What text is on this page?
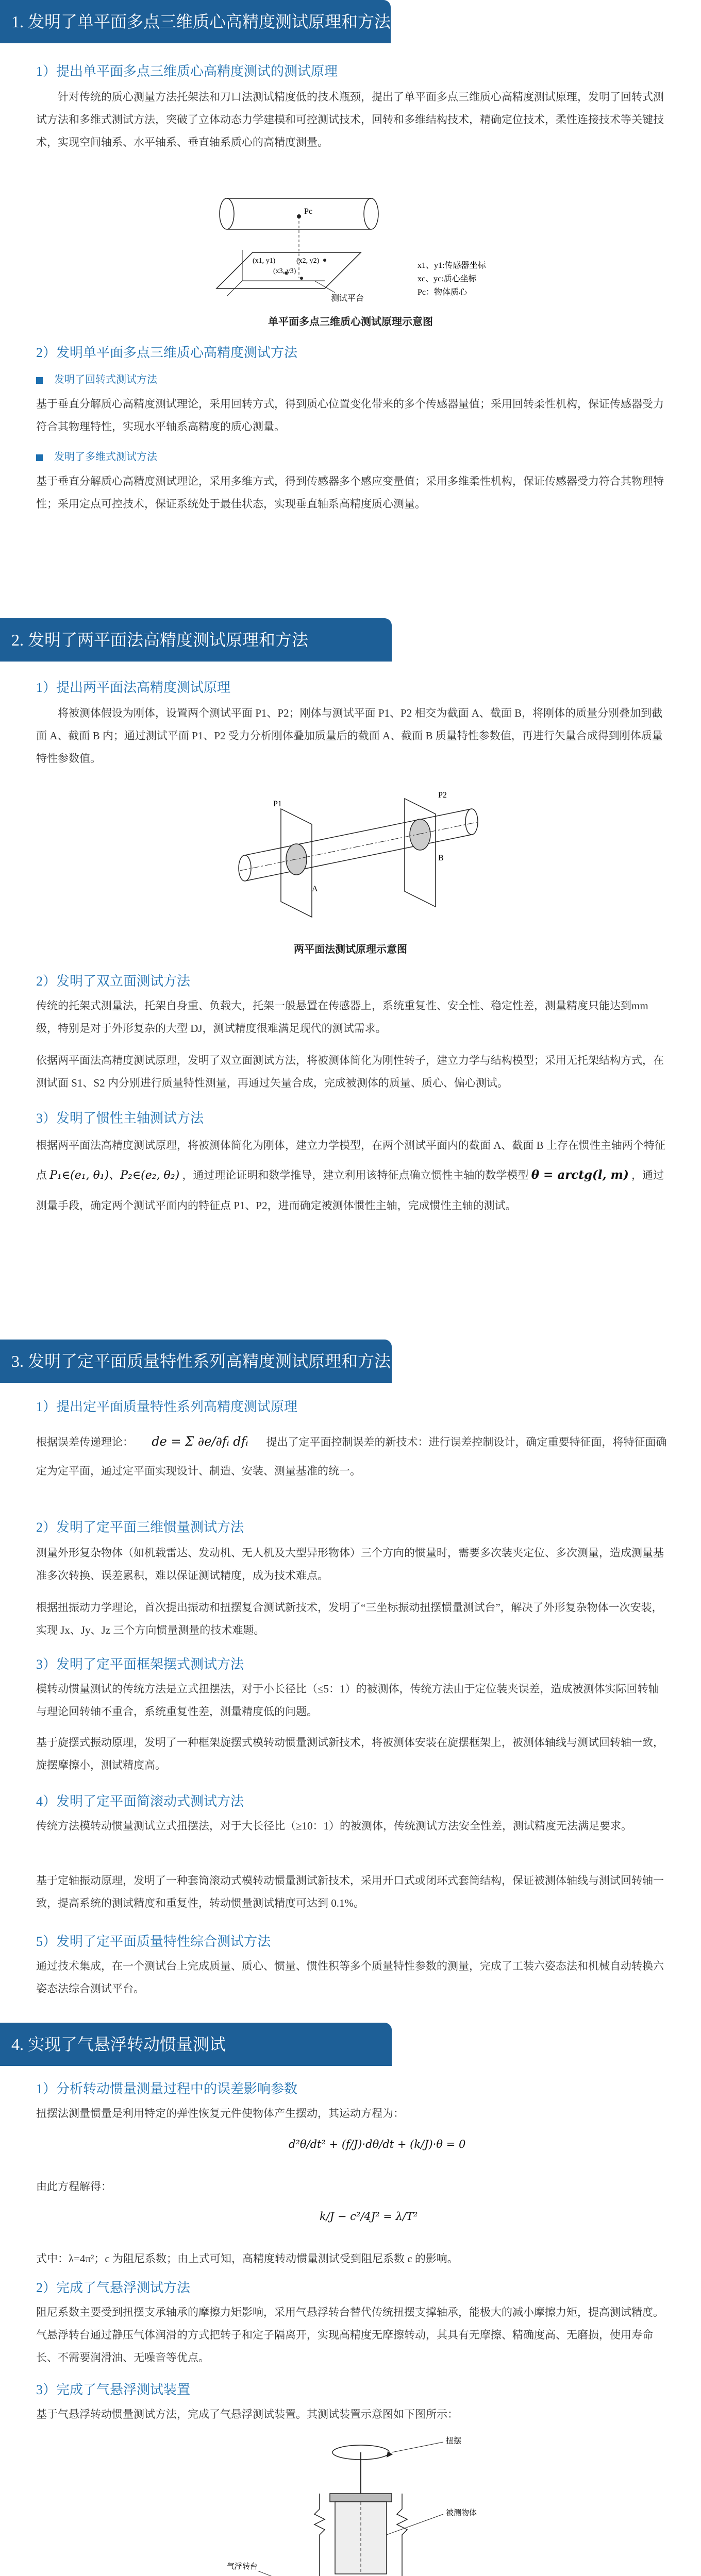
1. 发明了单平面多点三维质心高精度测试原理和方法
1）提出单平面多点三维质心高精度测试的测试原理
针对传统的质心测量方法托架法和刀口法测试精度低的技术瓶颈，提出了单平面多点三维质心高精度测试原理，发明了回转式测试方法和多维式测试方法，突破了立体动态力学建模和可控测试技术，回转和多维结构技术，精确定位技术，柔性连接技术等关键技术，实现空间轴系、水平轴系、垂直轴系质心的高精度测量。
Pc
(x1, y1)	(x2, y2)
(x3, y3)
测试平台
x1、y1:传感器坐标
xc、yc:质心坐标
Pc：物体质心
单平面多点三维质心测试原理示意图
2）发明单平面多点三维质心高精度测试方法
发明了回转式测试方法
基于垂直分解质心高精度测试理论，采用回转方式，得到质心位置变化带来的多个传感器量值；采用回转柔性机构，保证传感器受力符合其物理特性，实现水平轴系高精度的质心测量。
发明了多维式测试方法
基于垂直分解质心高精度测试理论，采用多维方式，得到传感器多个感应变量值；采用多维柔性机构，保证传感器受力符合其物理特性；采用定点可控技术，保证系统处于最佳状态，实现垂直轴系高精度质心测量。
2. 发明了两平面法高精度测试原理和方法
1）提出两平面法高精度测试原理
将被测体假设为刚体，设置两个测试平面 P1、P2；刚体与测试平面 P1、P2 相交为截面 A、截面 B，将刚体的质量分别叠加到截面 A、截面 B 内；通过测试平面 P1、P2 受力分析刚体叠加质量后的截面 A、截面 B 质量特性参数值，再进行矢量合成得到刚体质量特性参数值。
P1
P2
A
B
两平面法测试原理示意图
2）发明了双立面测试方法
传统的托架式测量法，托架自身重、负载大，托架一般悬置在传感器上，系统重复性、安全性、稳定性差，测量精度只能达到mm级，特别是对于外形复杂的大型 DJ，测试精度很难满足现代的测试需求。
依据两平面法高精度测试原理，发明了双立面测试方法，将被测体简化为刚性转子，建立力学与结构模型；采用无托架结构方式，在测试面 S1、S2 内分别进行质量特性测量，再通过矢量合成，完成被测体的质量、质心、偏心测试。
3）发明了惯性主轴测试方法
根据两平面法高精度测试原理，将被测体简化为刚体，建立力学模型，在两个测试平面内的截面 A、截面 B 上存在惯性主轴两个特征点 P₁∈(e₁, θ₁)、P₂∈(e₂, θ₂) ，通过理论证明和数学推导，建立利用该特征点确立惯性主轴的数学模型 θ = arctg(l, m) ，通过测量手段，确定两个测试平面内的特征点 P1、P2，进而确定被测体惯性主轴，完成惯性主轴的测试。
3. 发明了定平面质量特性系列高精度测试原理和方法
1）提出定平面质量特性系列高精度测试原理
根据误差传递理论： de = Σ ∂e/∂fᵢ dfᵢ 提出了定平面控制误差的新技术：进行误差控制设计，确定重要特征面，将特征面确定为定平面，通过定平面实现设计、制造、安装、测量基准的统一。
2）发明了定平面三维惯量测试方法
测量外形复杂物体（如机载雷达、发动机、无人机及大型异形物体）三个方向的惯量时，需要多次装夹定位、多次测量，造成测量基准多次转换、误差累积，难以保证测试精度，成为技术难点。
根据扭振动力学理论，首次提出振动和扭摆复合测试新技术，发明了“三坐标振动扭摆惯量测试台”，解决了外形复杂物体一次安装，实现 Jx、Jy、Jz 三个方向惯量测量的技术难题。
3）发明了定平面框架摆式测试方法
模转动惯量测试的传统方法是立式扭摆法，对于小长径比（≤5：1）的被测体，传统方法由于定位装夹误差，造成被测体实际回转轴与理论回转轴不重合，系统重复性差，测量精度低的问题。
基于旋摆式振动原理，发明了一种框架旋摆式模转动惯量测试新技术，将被测体安装在旋摆框架上，被测体轴线与测试回转轴一致，旋摆摩擦小，测试精度高。
4）发明了定平面简滚动式测试方法
传统方法模转动惯量测试立式扭摆法，对于大长径比（≥10：1）的被测体，传统测试方法安全性差，测试精度无法满足要求。
基于定轴振动原理，发明了一种套筒滚动式模转动惯量测试新技术，采用开口式或闭环式套筒结构，保证被测体轴线与测试回转轴一致，提高系统的测试精度和重复性，转动惯量测试精度可达到 0.1%。
5）发明了定平面质量特性综合测试方法
通过技术集成，在一个测试台上完成质量、质心、惯量、惯性积等多个质量特性参数的测量，完成了工装六姿态法和机械自动转换六姿态法综合测试平台。
4. 实现了气悬浮转动惯量测试
1）分析转动惯量测量过程中的误差影响参数
扭摆法测量惯量是利用特定的弹性恢复元件使物体产生摆动，其运动方程为：
d²θ/dt² + (f/J)·dθ/dt + (k/J)·θ = 0
由此方程解得：
k/J − c²/4J² = λ/T²
式中：λ=4π²；c 为阻尼系数；由上式可知，高精度转动惯量测试受到阻尼系数 c 的影响。
2）完成了气悬浮测试方法
阻尼系数主要受到扭摆支承轴承的摩擦力矩影响，采用气悬浮转台替代传统扭摆支撑轴承，能极大的减小摩擦力矩，提高测试精度。气悬浮转台通过静压气体润滑的方式把转子和定子隔离开，实现高精度无摩擦转动，其具有无摩擦、精确度高、无磨损，使用寿命长、不需要润滑油、无噪音等优点。
3）完成了气悬浮测试装置
基于气悬浮转动惯量测试方法，完成了气悬浮测试装置。其测试装置示意图如下图所示：
扭摆
被测物体
气浮转台
